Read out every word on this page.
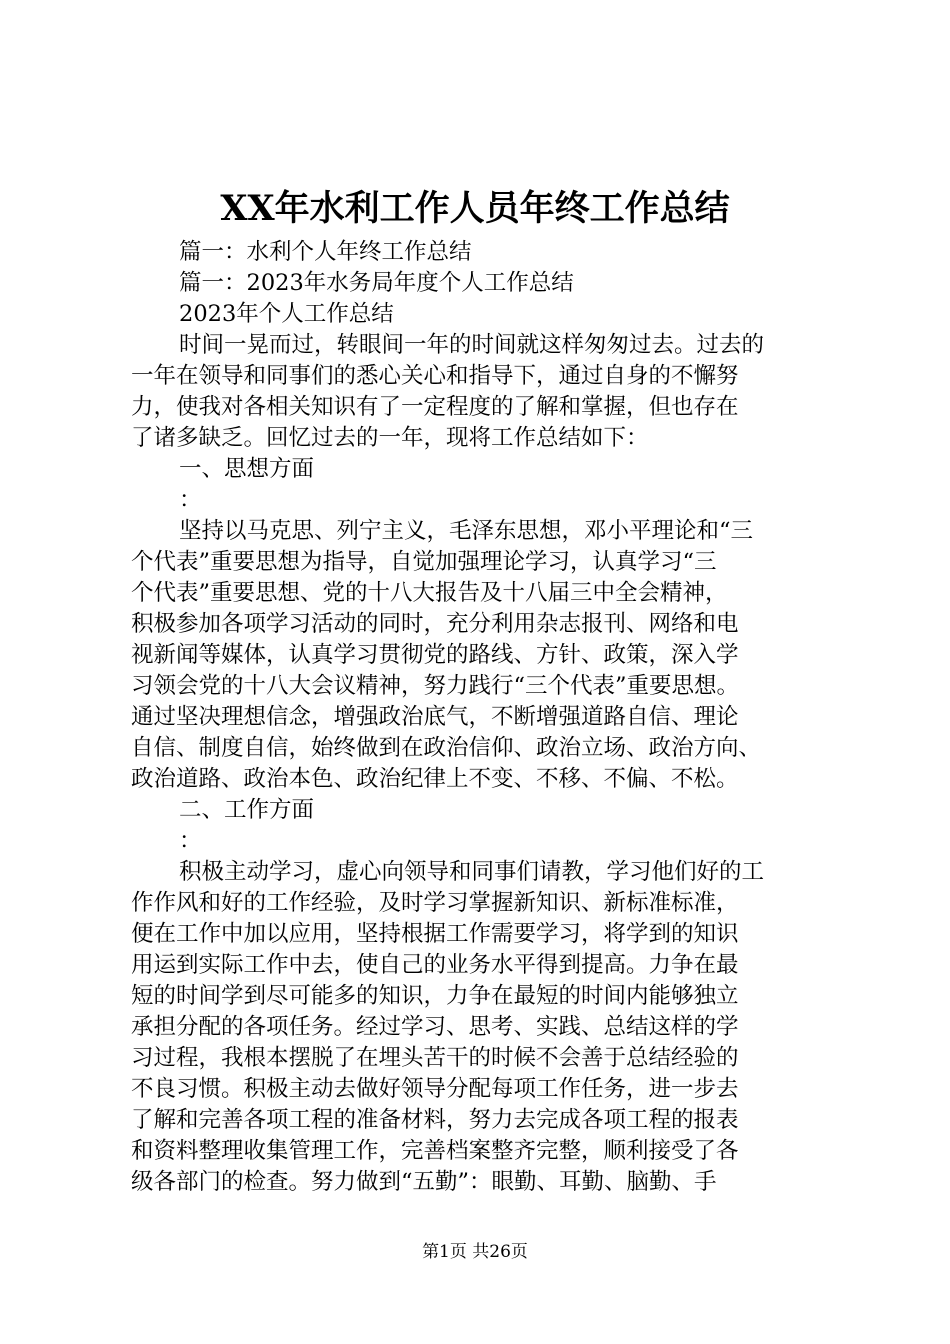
XX年水利工作人员年终工作总结
篇一：水利个人年终工作总结
篇一：2023年水务局年度个人工作总结
2023年个人工作总结
时间一晃而过，转眼间一年的时间就这样匆匆过去。过去的
一年在领导和同事们的悉心关心和指导下，通过自身的不懈努
力，使我对各相关知识有了一定程度的了解和掌握，但也存在
了诸多缺乏。回忆过去的一年，现将工作总结如下：
一、思想方面
：
坚持以马克思、列宁主义，毛泽东思想，邓小平理论和“三
个代表”重要思想为指导，自觉加强理论学习，认真学习“三
个代表”重要思想、党的十八大报告及十八届三中全会精神，
积极参加各项学习活动的同时，充分利用杂志报刊、网络和电
视新闻等媒体，认真学习贯彻党的路线、方针、政策，深入学
习领会党的十八大会议精神，努力践行“三个代表”重要思想。
通过坚决理想信念，增强政治底气，不断增强道路自信、理论
自信、制度自信，始终做到在政治信仰、政治立场、政治方向、
政治道路、政治本色、政治纪律上不变、不移、不偏、不松。
二、工作方面
：
积极主动学习，虚心向领导和同事们请教，学习他们好的工
作作风和好的工作经验，及时学习掌握新知识、新标准标准，
便在工作中加以应用，坚持根据工作需要学习，将学到的知识
用运到实际工作中去，使自己的业务水平得到提高。力争在最
短的时间学到尽可能多的知识，力争在最短的时间内能够独立
承担分配的各项任务。经过学习、思考、实践、总结这样的学
习过程，我根本摆脱了在埋头苦干的时候不会善于总结经验的
不良习惯。积极主动去做好领导分配每项工作任务，进一步去
了解和完善各项工程的准备材料，努力去完成各项工程的报表
和资料整理收集管理工作，完善档案整齐完整，顺利接受了各
级各部门的检查。努力做到“五勤”：眼勤、耳勤、脑勤、手
第1页 共26页
